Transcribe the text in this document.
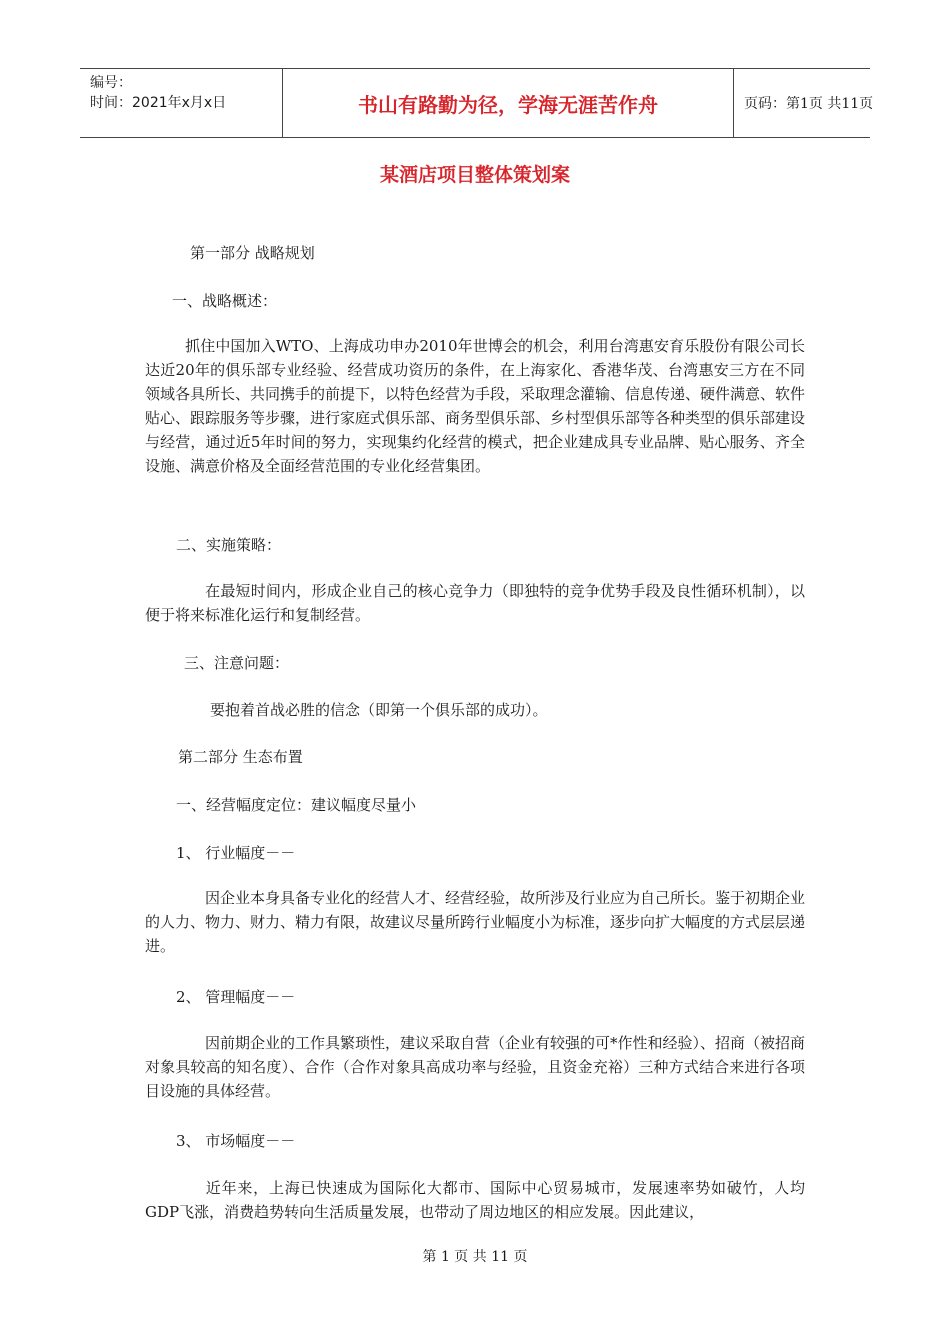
编号：
时间：2021年x月x日	书山有路勤为径，学海无涯苦作舟	页码：第1页 共11页
某酒店项目整体策划案
第一部分 战略规划
一、战略概述：
抓住中国加入WTO、上海成功申办2010年世博会的机会，利用台湾惠安育乐股份有限公司长达近20年的俱乐部专业经验、经营成功资历的条件，在上海家化、香港华茂、台湾惠安三方在不同领域各具所长、共同携手的前提下，以特色经营为手段，采取理念灌输、信息传递、硬件满意、软件贴心、跟踪服务等步骤，进行家庭式俱乐部、商务型俱乐部、乡村型俱乐部等各种类型的俱乐部建设与经营，通过近5年时间的努力，实现集约化经营的模式，把企业建成具专业品牌、贴心服务、齐全设施、满意价格及全面经营范围的专业化经营集团。
二、实施策略：
在最短时间内，形成企业自己的核心竞争力（即独特的竞争优势手段及良性循环机制），以便于将来标准化运行和复制经营。
三、注意问题：
要抱着首战必胜的信念（即第一个俱乐部的成功）。
第二部分 生态布置
一、经营幅度定位：建议幅度尽量小
1、 行业幅度－－
因企业本身具备专业化的经营人才、经营经验，故所涉及行业应为自己所长。鉴于初期企业的人力、物力、财力、精力有限，故建议尽量所跨行业幅度小为标准，逐步向扩大幅度的方式层层递进。
2、 管理幅度－－
因前期企业的工作具繁琐性，建议采取自营（企业有较强的可*作性和经验）、招商（被招商对象具较高的知名度）、合作（合作对象具高成功率与经验，且资金充裕）三种方式结合来进行各项目设施的具体经营。
3、 市场幅度－－
近年来，上海已快速成为国际化大都市、国际中心贸易城市，发展速率势如破竹，人均GDP飞涨，消费趋势转向生活质量发展，也带动了周边地区的相应发展。因此建议，
第 1 页 共 11 页
